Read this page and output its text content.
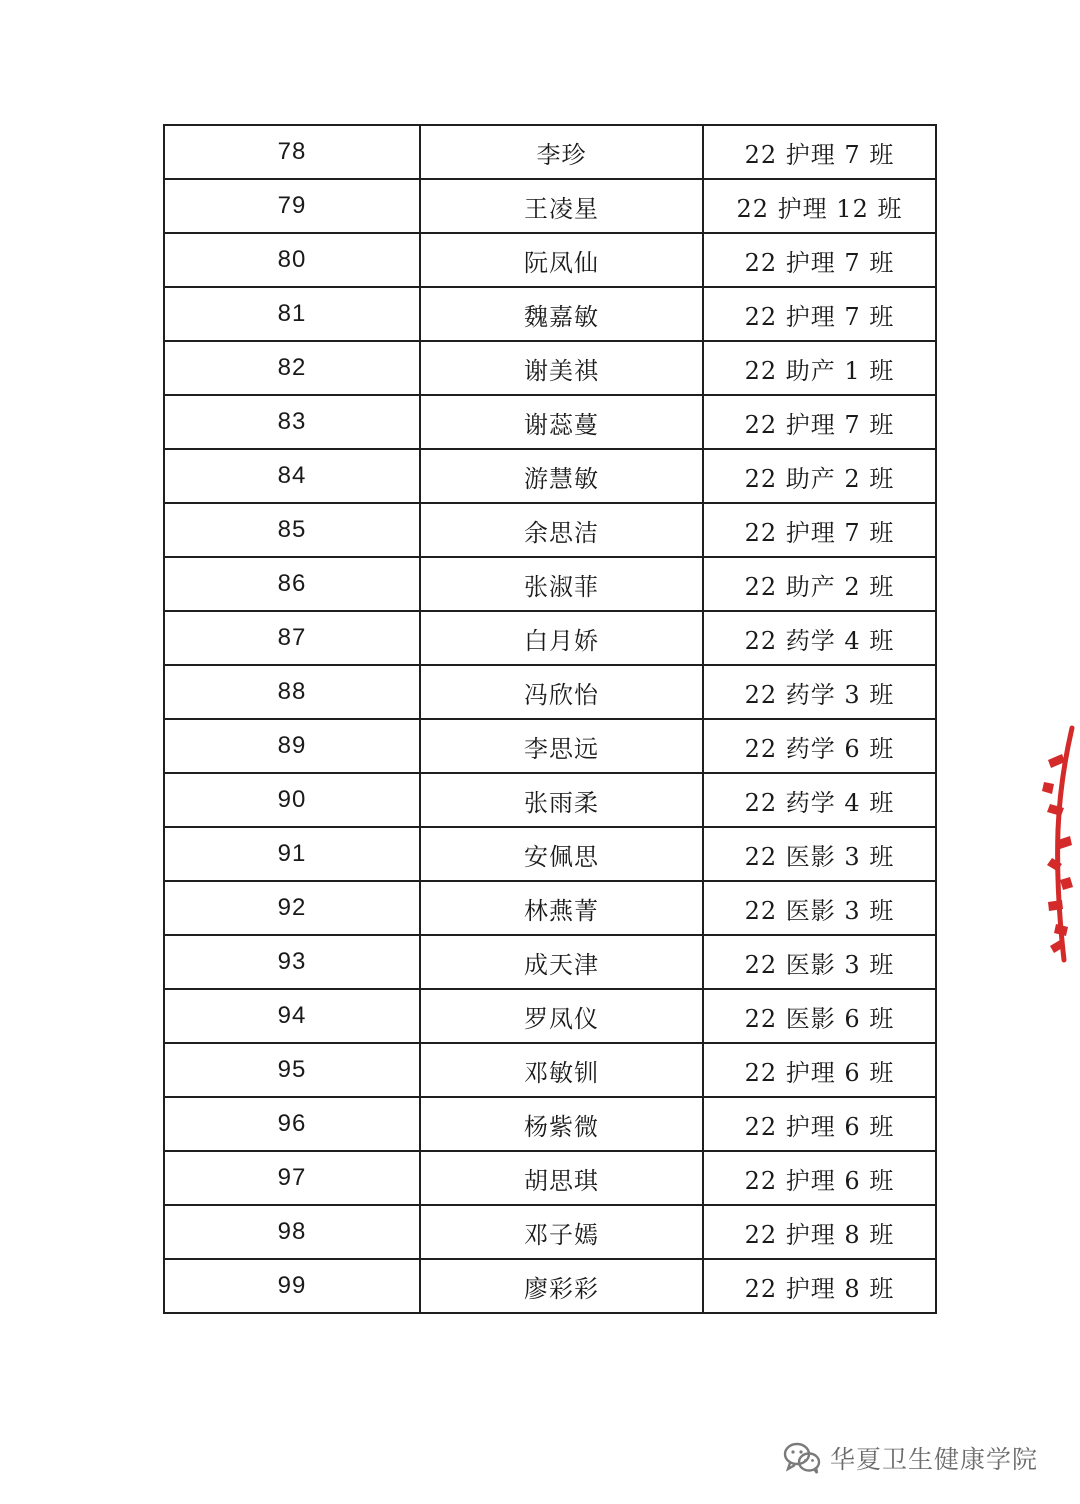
78	李珍	22 护理 7 班
79	王凌星	22 护理 12 班
80	阮凤仙	22 护理 7 班
81	魏嘉敏	22 护理 7 班
82	谢美祺	22 助产 1 班
83	谢蕊蔓	22 护理 7 班
84	游慧敏	22 助产 2 班
85	余思洁	22 护理 7 班
86	张淑菲	22 助产 2 班
87	白月娇	22 药学 4 班
88	冯欣怡	22 药学 3 班
89	李思远	22 药学 6 班
90	张雨柔	22 药学 4 班
91	安佩思	22 医影 3 班
92	林燕菁	22 医影 3 班
93	成天津	22 医影 3 班
94	罗凤仪	22 医影 6 班
95	邓敏钏	22 护理 6 班
96	杨紫微	22 护理 6 班
97	胡思琪	22 护理 6 班
98	邓子嫣	22 护理 8 班
99	廖彩彩	22 护理 8 班
华夏卫生健康学院
